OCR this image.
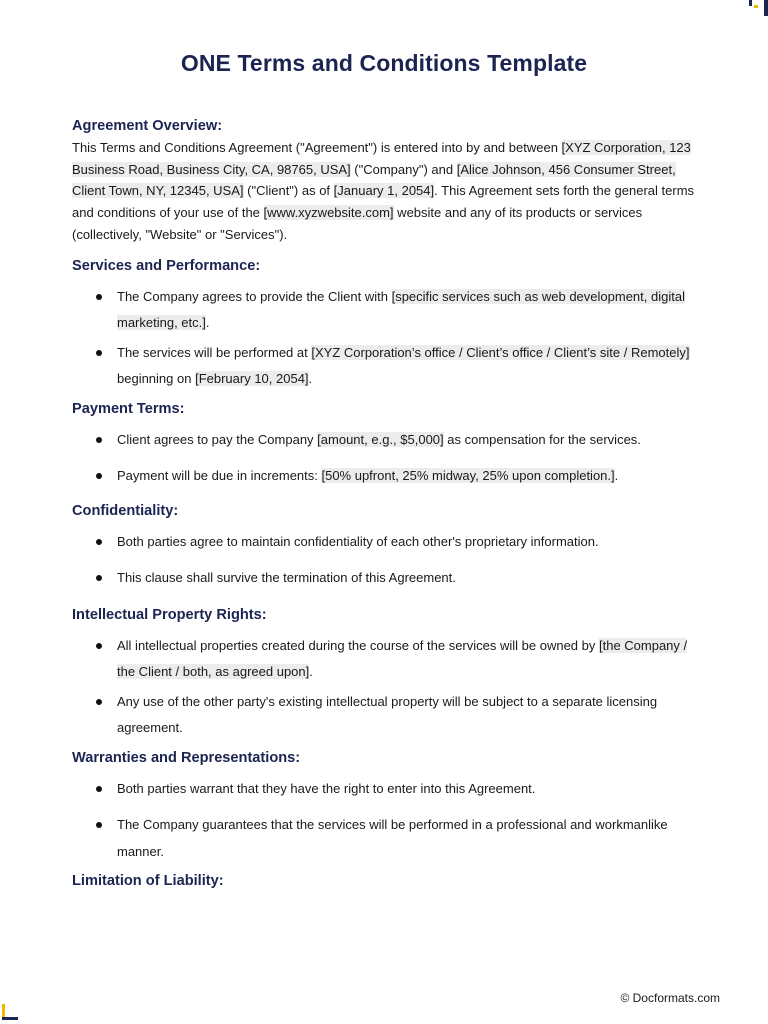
ONE Terms and Conditions Template
Agreement Overview:

This Terms and Conditions Agreement ("Agreement") is entered into by and between [XYZ Corporation, 123 Business Road, Business City, CA, 98765, USA] ("Company") and [Alice Johnson, 456 Consumer Street, Client Town, NY, 12345, USA] ("Client") as of [January 1, 2054]. This Agreement sets forth the general terms and conditions of your use of the [www.xyzwebsite.com] website and any of its products or services (collectively, "Website" or "Services").

Services and Performance:
The Company agrees to provide the Client with [specific services such as web development, digital marketing, etc.].
The services will be performed at [XYZ Corporation’s office / Client’s office / Client’s site / Remotely] beginning on [February 10, 2054].
Payment Terms:
Client agrees to pay the Company [amount, e.g., $5,000] as compensation for the services.
Payment will be due in increments: [50% upfront, 25% midway, 25% upon completion.].
Confidentiality:
Both parties agree to maintain confidentiality of each other's proprietary information.
This clause shall survive the termination of this Agreement.
Intellectual Property Rights:
All intellectual properties created during the course of the services will be owned by [the Company / the Client / both, as agreed upon].
Any use of the other party's existing intellectual property will be subject to a separate licensing agreement.
Warranties and Representations:
Both parties warrant that they have the right to enter into this Agreement.
The Company guarantees that the services will be performed in a professional and workmanlike manner.
Limitation of Liability:
© Docformats.com
